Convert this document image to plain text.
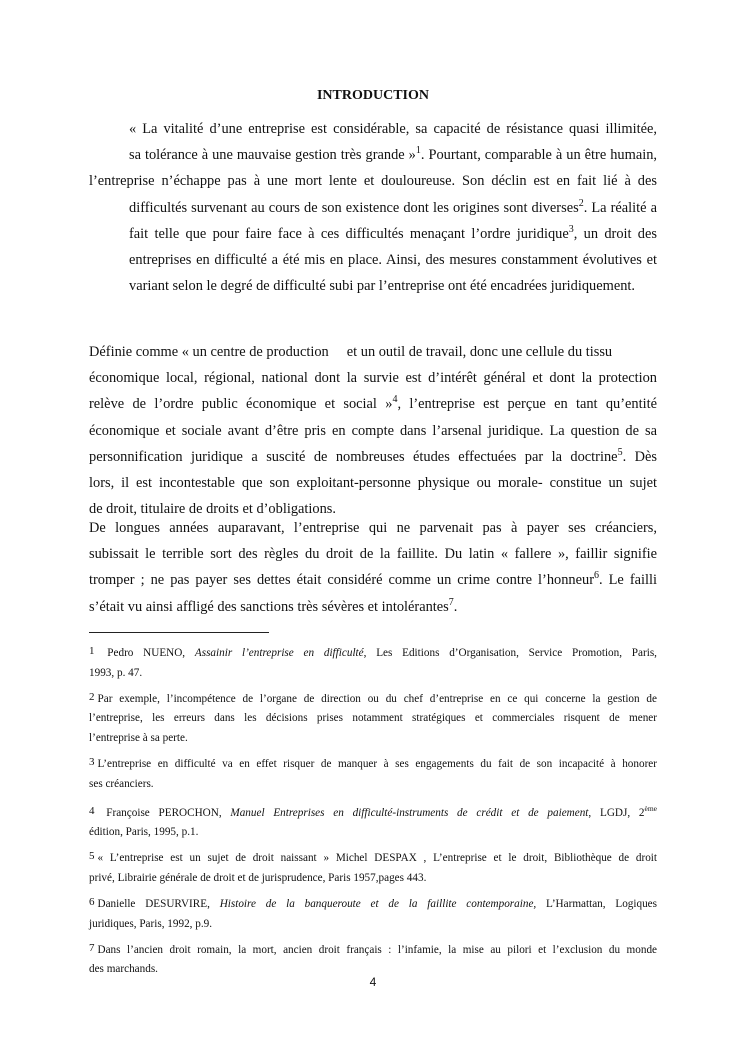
INTRODUCTION
« La vitalité d’une entreprise est considérable, sa capacité de résistance quasi illimitée,
sa tolérance à une mauvaise gestion très grande »$^1$. Pourtant, comparable à un être humain,
l’entreprise n’échappe pas à une mort lente et douloureuse. Son déclin est en fait lié à des
difficultés survenant au cours de son existence dont les origines sont diverses$^2$. La réalité a
fait telle que pour faire face à ces difficultés menaçant l’ordre juridique$^3$, un droit des
entreprises en difficulté a été mis en place. Ainsi, des mesures constamment évolutives et
variant selon le degré de difficulté subi par l’entreprise ont été encadrées juridiquement.
Définie comme « un centre de production et un outil de travail, donc une cellule du tissu
économique local, régional, national dont la survie est d’intérêt général et dont la protection
relève de l’ordre public économique et social »$^4$, l’entreprise est perçue en tant qu’entité
économique et sociale avant d’être pris en compte dans l’arsenal juridique. La question de sa
personnification juridique a suscité de nombreuses études effectuées par la doctrine$^5$. Dès
lors, il est incontestable que son exploitant-personne physique ou morale- constitue un sujet
de droit, titulaire de droits et d’obligations.
De longues années auparavant, l’entreprise qui ne parvenait pas à payer ses créanciers,
subissait le terrible sort des règles du droit de la faillite. Du latin « fallere », faillir signifie
tromper ; ne pas payer ses dettes était considéré comme un crime contre l’honneur$^6$. Le failli
s’était vu ainsi affligé des sanctions très sévères et intolérantes$^7$.
1 Pedro NUENO, Assainir l’entreprise en difficulté, Les Editions d’Organisation, Service Promotion, Paris,
1993, p. 47.
2 Par exemple, l’incompétence de l’organe de direction ou du chef d’entreprise en ce qui concerne la gestion de
l’entreprise, les erreurs dans les décisions prises notamment stratégiques et commerciales risquent de mener
l’entreprise à sa perte.
3 L’entreprise en difficulté va en effet risquer de manquer à ses engagements du fait de son incapacité à honorer
ses créanciers.
4 Françoise PEROCHON, Manuel Entreprises en difficulté-instruments de crédit et de paiement, LGDJ, 2ème
édition, Paris, 1995, p.1.
5 « L’entreprise est un sujet de droit naissant » Michel DESPAX , L’entreprise et le droit, Bibliothèque de droit
privé, Librairie générale de droit et de jurisprudence, Paris 1957,pages 443.
6 Danielle DESURVIRE, Histoire de la banqueroute et de la faillite contemporaine, L’Harmattan, Logiques
juridiques, Paris, 1992, p.9.
7 Dans l’ancien droit romain, la mort, ancien droit français : l’infamie, la mise au pilori et l’exclusion du monde
des marchands.

4
